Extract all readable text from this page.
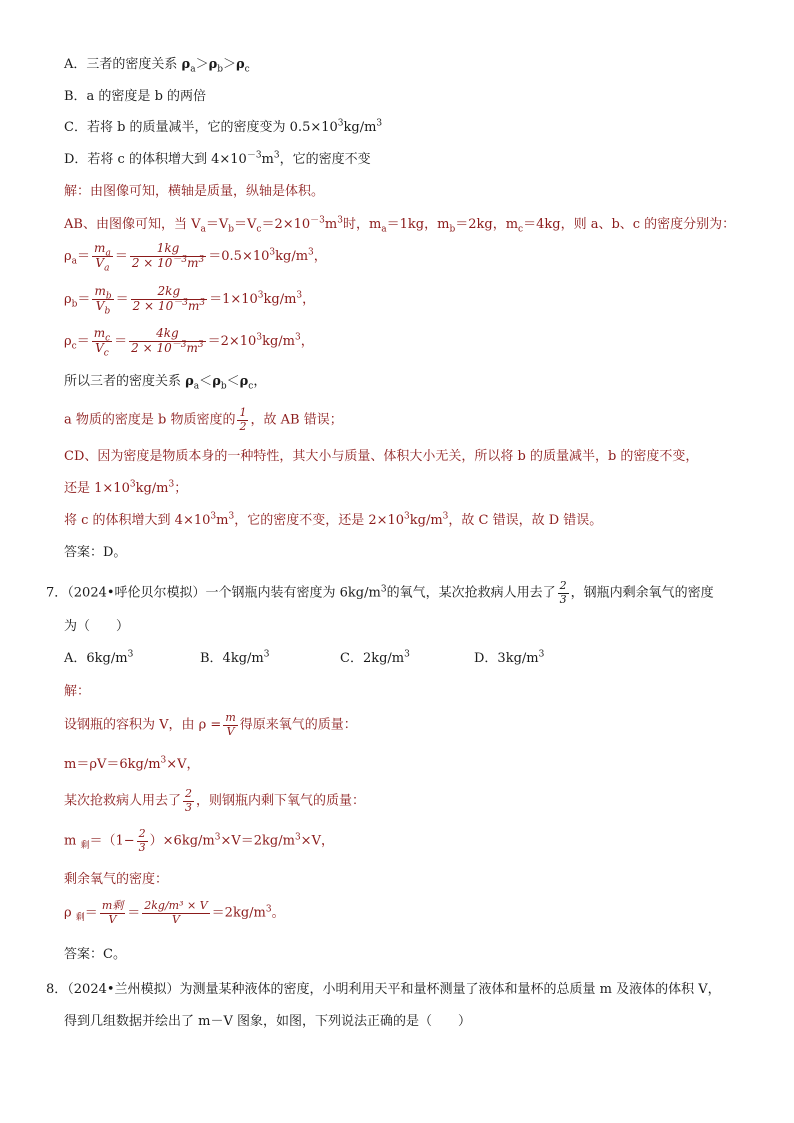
A．三者的密度关系 $\rho_a>\rho_b>\rho_c$
B．a 的密度是 b 的两倍
C．若将 b 的质量减半，它的密度变为 $0.5\times 10^3kg/m^3$
D．若将 c 的体积增大到 $4\times 10^{-3}m^3$，它的密度不变
解：由图像可知，横轴是质量，纵轴是体积。
AB、由图像可知，当 $V_a=V_b=V_c=2\times 10^{-3}m^3$时，$m_a=1kg$，$m_b=2kg$，$m_c=4kg$，则 a、b、c 的密度分别为：
$\rho_a= \frac{m_a}{V_a} = \frac{1kg}{2 \times 10^{-3}m^3} =0.5\times 10^3kg/m^3$，
$\rho_b= \frac{m_b}{V_b} = \frac{2kg}{2 \times 10^{-3}m^3} =1\times 10^3kg/m^3$，
$\rho_c= \frac{m_c}{V_c} = \frac{4kg}{2 \times 10^{-3}m^3} =2\times 10^3kg/m^3$，
所以三者的密度关系 $\rho_a<\rho_b<\rho_c$，
a 物质的密度是 b 物质密度的 $\frac{1}{2}$ ，故 AB 错误；
CD、因为密度是物质本身的一种特性，其大小与质量、体积大小无关，所以将 b 的质量减半，b 的密度不变，
还是 $1\times 10^3kg/m^3$；
将 c 的体积增大到 $4\times 10^3m^3$，它的密度不变，还是 $2\times 10^3kg/m^3$，故 C 错误，故 D 错误。
答案：D。
7．（2024•呼伦贝尔模拟）一个钢瓶内装有密度为 $6kg/m^3$的氧气，某次抢救病人用去了 $\frac{2}{3}$ ，钢瓶内剩余氧气的密度
为（　　）
A．$6kg/m^3$	B．$4kg/m^3$	C．$2kg/m^3$	D．$3kg/m^3$
解：
设钢瓶的容积为 V，由 $\rho = \frac{m}{V}$ 得原来氧气的质量：
$m=\rho V=6kg/m^3\times V$，
某次抢救病人用去了 $\frac{2}{3}$ ，则钢瓶内剩下氧气的质量：
m $_剩=(1- \frac{2}{3} )\times 6kg/m^3\times V=2kg/m^3\times V$，
剩余氧气的密度：
ρ $_剩= \frac{\text{m剩}}{V} = \frac{\text{2kg/m³ × V}}{V} =2kg/m^3$。
答案：C。
8．（2024•兰州模拟）为测量某种液体的密度，小明利用天平和量杯测量了液体和量杯的总质量 m 及液体的体积 V，
得到几组数据并绘出了 m－V 图象，如图，下列说法正确的是（　　）
